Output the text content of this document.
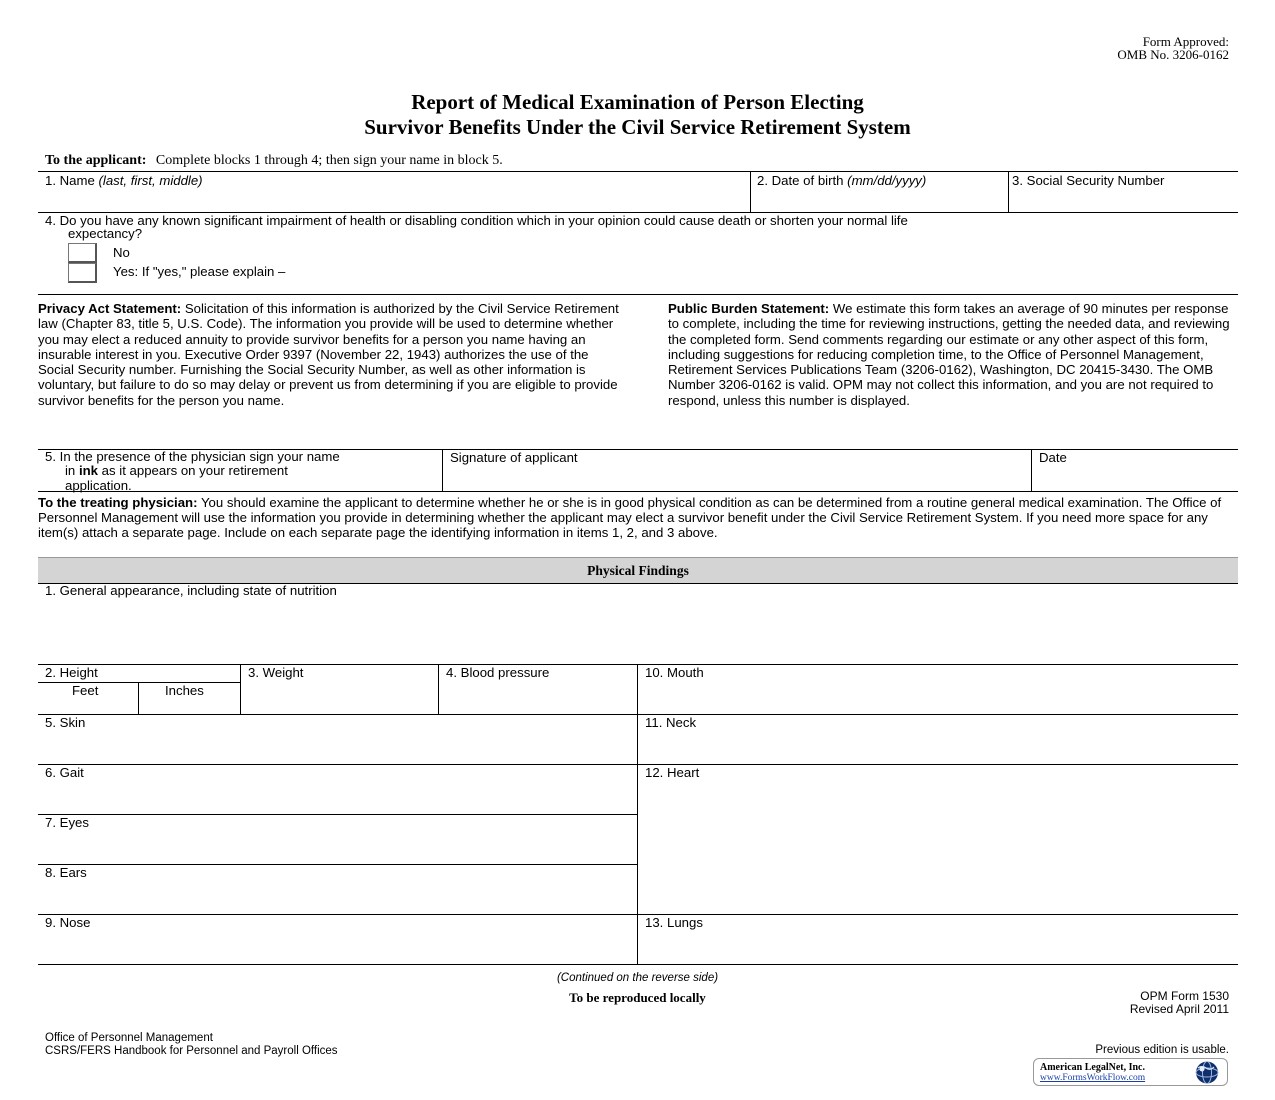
Form Approved:
OMB No. 3206-0162
Report of Medical Examination of Person Electing
Survivor Benefits Under the Civil Service Retirement System
To the applicant: Complete blocks 1 through 4; then sign your name in block 5.
1. Name (last, first, middle)	2. Date of birth (mm/dd/yyyy)	3. Social Security Number
4. Do you have any known significant impairment of health or disabling condition which in your opinion could cause death or shorten your normal life
expectancy?
No
Yes: If "yes," please explain –
Privacy Act Statement: Solicitation of this information is authorized by the Civil Service Retirement law (Chapter 83, title 5, U.S. Code). The information you provide will be used to determine whether you may elect a reduced annuity to provide survivor benefits for a person you name having an insurable interest in you. Executive Order 9397 (November 22, 1943) authorizes the use of the Social Security number. Furnishing the Social Security Number, as well as other information is voluntary, but failure to do so may delay or prevent us from determining if you are eligible to provide survivor benefits for the person you name.
Public Burden Statement: We estimate this form takes an average of 90 minutes per response to complete, including the time for reviewing instructions, getting the needed data, and reviewing the completed form. Send comments regarding our estimate or any other aspect of this form, including suggestions for reducing completion time, to the Office of Personnel Management, Retirement Services Publications Team (3206-0162), Washington, DC 20415-3430. The OMB Number 3206-0162 is valid. OPM may not collect this information, and you are not required to respond, unless this number is displayed.
5. In the presence of the physician sign your name
in ink as it appears on your retirement
application.
Signature of applicant	Date
To the treating physician: You should examine the applicant to determine whether he or she is in good physical condition as can be determined from a routine general medical examination. The Office of Personnel Management will use the information you provide in determining whether the applicant may elect a survivor benefit under the Civil Service Retirement System. If you need more space for any item(s) attach a separate page. Include on each separate page the identifying information in items 1, 2, and 3 above.
Physical Findings
1. General appearance, including state of nutrition
2. Height
Feet	Inches
3. Weight	4. Blood pressure	10. Mouth
5. Skin	11. Neck
6. Gait	12. Heart
7. Eyes
8. Ears
9. Nose	13. Lungs
(Continued on the reverse side)
To be reproduced locally	OPM Form 1530
Revised April 2011
Office of Personnel Management
CSRS/FERS Handbook for Personnel and Payroll Offices	Previous edition is usable.
American LegalNet, Inc.
www.FormsWorkFlow.com
